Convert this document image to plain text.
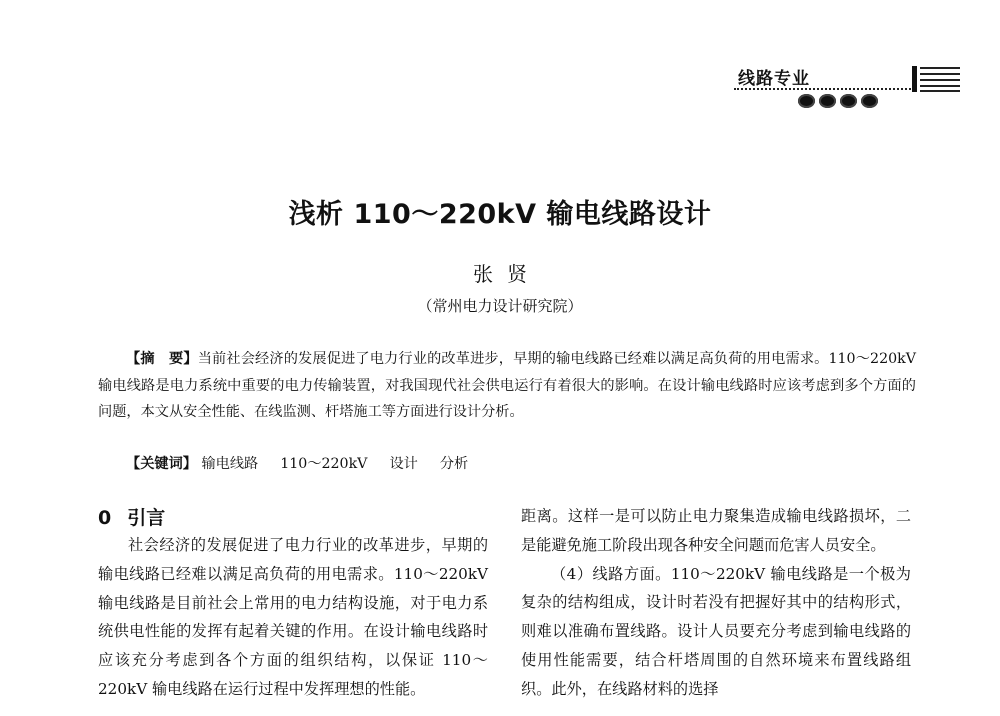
线路专业
浅析 110～220kV 输电线路设计
张贤
（常州电力设计研究院）
【摘　要】当前社会经济的发展促进了电力行业的改革进步，早期的输电线路已经难以满足高负荷的用电需求。110～220kV 输电线路是电力系统中重要的电力传输装置，对我国现代社会供电运行有着很大的影响。在设计输电线路时应该考虑到多个方面的问题，本文从安全性能、在线监测、杆塔施工等方面进行设计分析。
【关键词】 输电线路 110～220kV 设计 分析
0 引言

社会经济的发展促进了电力行业的改革进步，早期的输电线路已经难以满足高负荷的用电需求。110～220kV 输电线路是目前社会上常用的电力结构设施，对于电力系统供电性能的发挥有起着关键的作用。在设计输电线路时应该充分考虑到各个方面的组织结构，以保证 110～220kV 输电线路在运行过程中发挥理想的性能。

距离。这样一是可以防止电力聚集造成输电线路损坏，二是能避免施工阶段出现各种安全问题而危害人员安全。

（4）线路方面。110～220kV 输电线路是一个极为复杂的结构组成，设计时若没有把握好其中的结构形式，则难以准确布置线路。设计人员要充分考虑到输电线路的使用性能需要，结合杆塔周围的自然环境来布置线路组织。此外，在线路材料的选择
